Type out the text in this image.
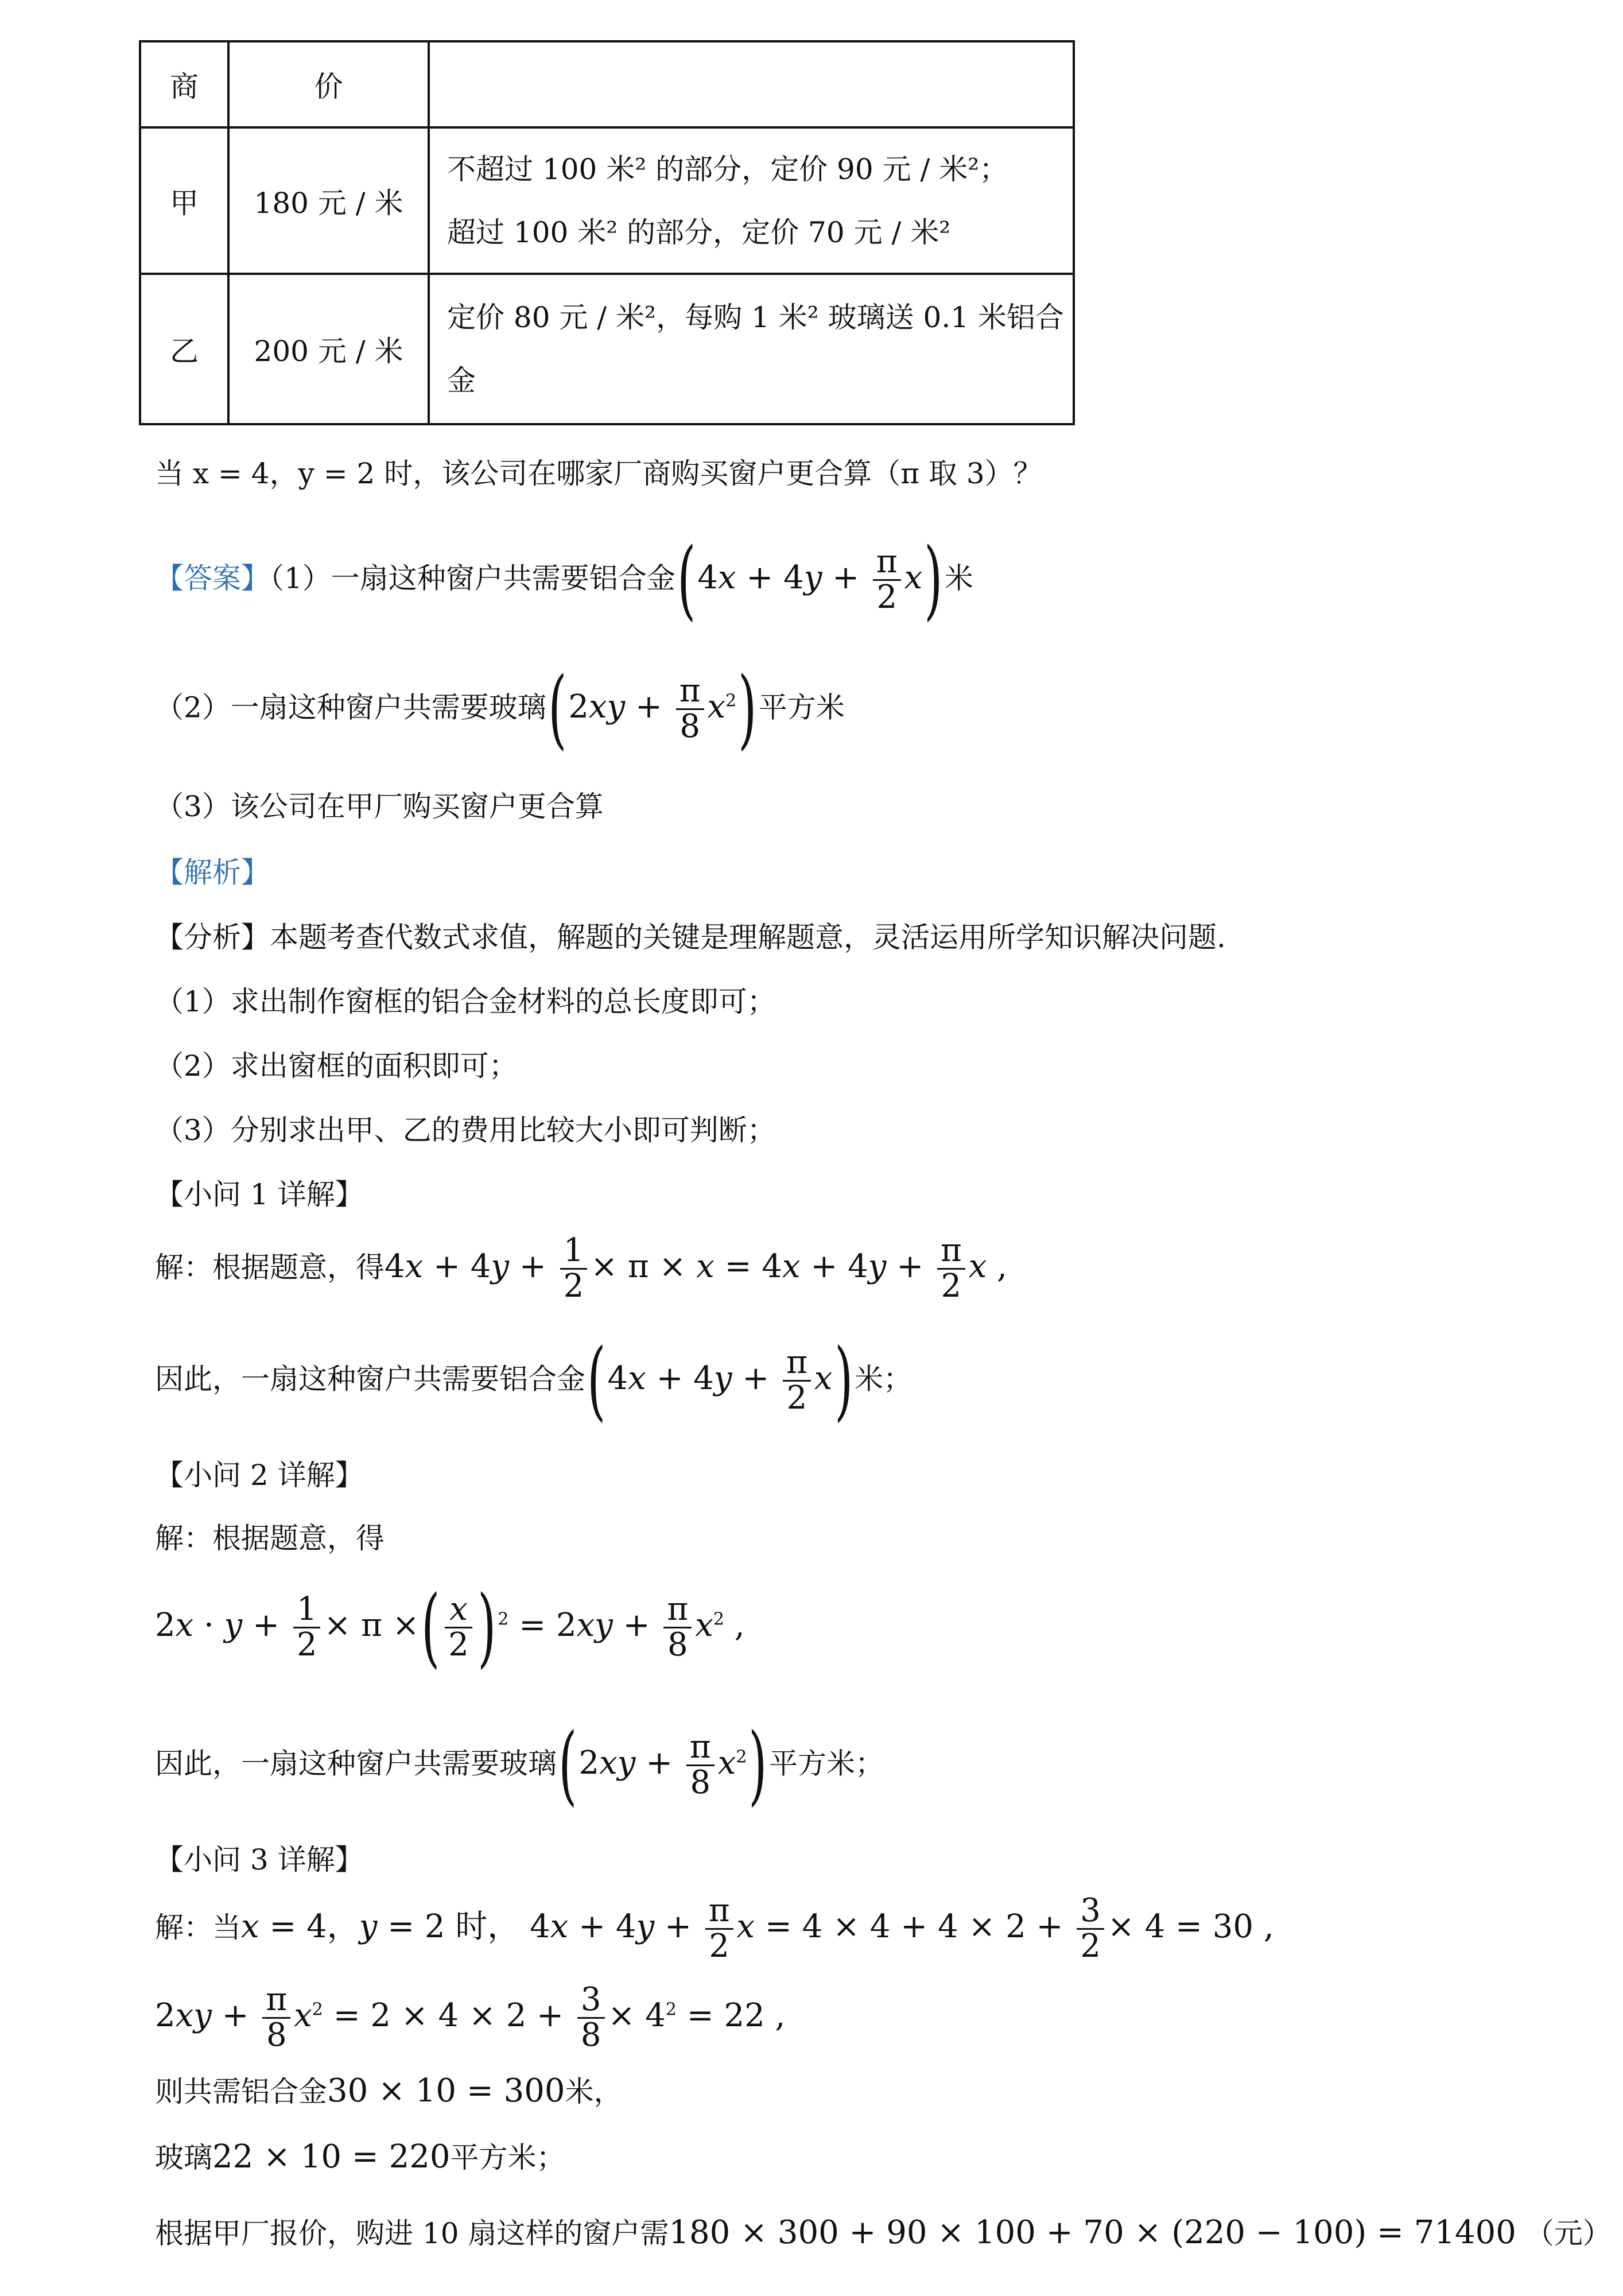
商	价	
甲	180 元 / 米	不超过 100 米² 的部分，定价 90 元 / 米²；
超过 100 米² 的部分，定价 70 元 / 米²

乙	200 元 / 米	定价 80 元 / 米²，每购 1 米² 玻璃送 0.1 米铝合
金
当 x = 4，y = 2 时，该公司在哪家厂商购买窗户更合算（π 取 3）？
【答案】（1）一扇这种窗户共需要铝合金$(4x + 4y + \frac{\pi}{2} x)$米
（2）一扇这种窗户共需要玻璃$(2xy + \frac{\pi}{8} x^2)$平方米
（3）该公司在甲厂购买窗户更合算
【解析】
【分析】本题考查代数式求值，解题的关键是理解题意，灵活运用所学知识解决问题.
（1）求出制作窗框的铝合金材料的总长度即可；
（2）求出窗框的面积即可；
（3）分别求出甲、乙的费用比较大小即可判断；
【小问 1 详解】
解：根据题意，得$4x + 4y + \frac{1}{2} \times \pi \times x = 4x + 4y + \frac{\pi}{2}$ x ,
因此，一扇这种窗户共需要铝合金$(4x + 4y + \frac{\pi}{2} x)$米；
【小问 2 详解】
解：根据题意，得
$2x \cdot y + \frac{1}{2} \times \pi$ ×( $\frac{x}{2}$ ) $^2 = 2xy + \frac{\pi}{8} x^2$ ,
因此，一扇这种窗户共需要玻璃$(2xy + \frac{\pi}{8} x^2)$平方米；
【小问 3 详解】
解：当x = 4，y = 2 时， $4x + 4y + \frac{\pi}{2}$ $x = 4 \times 4 + 4 \times 2 + \frac{3}{2} \times 4 = 30$ ,
$2xy + \frac{\pi}{8} x^2 = 2 \times 4 \times 2 + \frac{3}{8} \times 4^2 = 22$ ,
则共需铝合金30 × 10 = 300米，
玻璃22 × 10 = 220平方米；
根据甲厂报价，购进 10 扇这样的窗户需180 × 300 + 90 × 100 + 70 × (220 − 100) = 71400 （元）
